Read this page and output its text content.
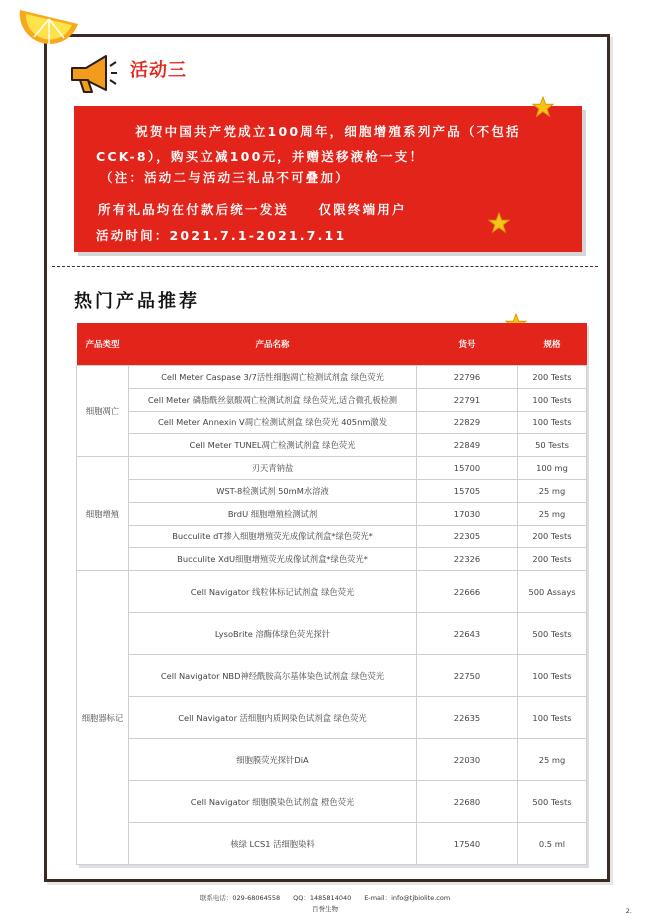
活动三
祝贺中国共产党成立100周年，细胞增殖系列产品（不包括
CCK-8），购买立减100元，并赠送移液枪一支！
（注：活动二与活动三礼品不可叠加）
所有礼品均在付款后统一发送　　仅限终端用户
活动时间：2021.7.1-2021.7.11
热门产品推荐
产品类型	产品名称	货号	规格
细胞凋亡	Cell Meter Caspase 3/7活性细胞凋亡检测试剂盒 绿色荧光	22796	200 Tests
	Cell Meter 磷脂酰丝氨酸凋亡检测试剂盒 绿色荧光,适合微孔板检测	22791	100 Tests
	Cell Meter Annexin V凋亡检测试剂盒 绿色荧光 405nm激发	22829	100 Tests
	Cell Meter TUNEL凋亡检测试剂盒 绿色荧光	22849	50 Tests
细胞增殖	刃天青钠盐	15700	100 mg
	WST-8检测试剂 50mM水溶液	15705	25 mg
	BrdU 细胞增殖检测试剂	17030	25 mg
	Bucculite dT掺入细胞增殖荧光成像试剂盒*绿色荧光*	22305	200 Tests
	Bucculite XdU细胞增殖荧光成像试剂盒*绿色荧光*	22326	200 Tests
细胞器标记	Cell Navigator 线粒体标记试剂盒 绿色荧光	22666	500 Assays
	LysoBrite 溶酶体绿色荧光探针	22643	500 Tests
	Cell Navigator NBD神经酰胺高尔基体染色试剂盒 绿色荧光	22750	100 Tests
	Cell Navigator 活细胞内质网染色试剂盒 绿色荧光	22635	100 Tests
	细胞膜荧光探针DiA	22030	25 mg
	Cell Navigator 细胞膜染色试剂盒 橙色荧光	22680	500 Tests
	核绿 LCS1 活细胞染料	17540	0.5 ml
联系电话：029-68064558　　QQ：1485814040　　E-mail：info@tjbiolite.com
百誉生物	2.
